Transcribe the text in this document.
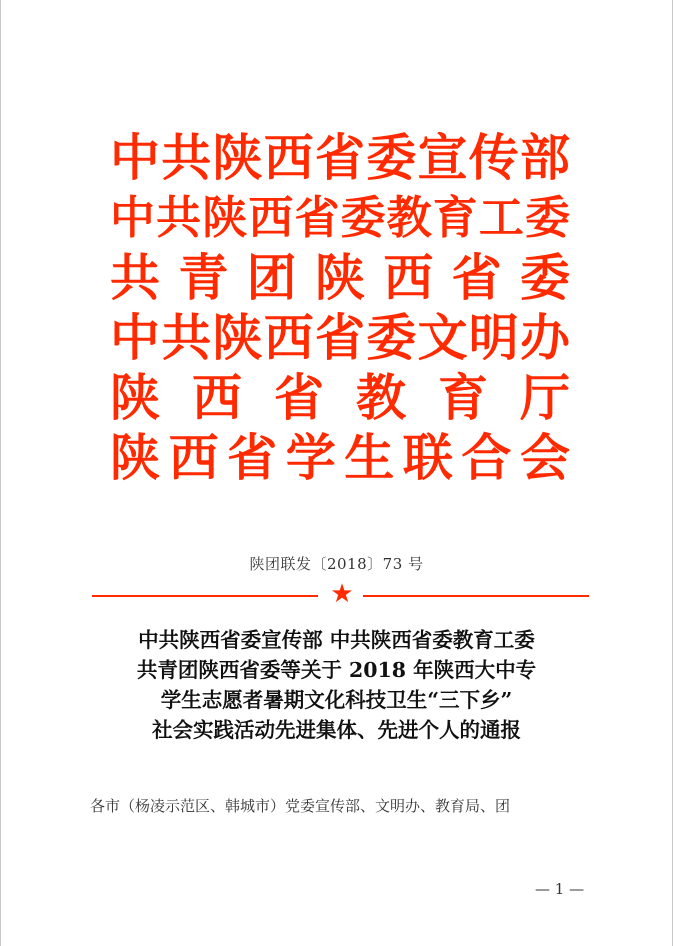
中 共 陕 西 省 委 宣 传 部
中 共 陕 西 省 委 教 育 工 委
共 青 团 陕 西 省 委
中 共 陕 西 省 委 文 明 办
陕 西 省 教 育 厅
陕 西 省 学 生 联 合 会
陕团联发〔2018〕73 号
★
中共陕西省委宣传部 中共陕西省委教育工委
共青团陕西省委等关于 2018 年陕西大中专
学生志愿者暑期文化科技卫生“三下乡”
社会实践活动先进集体、先进个人的通报
各市（杨凌示范区、韩城市）党委宣传部、文明办、教育局、团
— 1 —
